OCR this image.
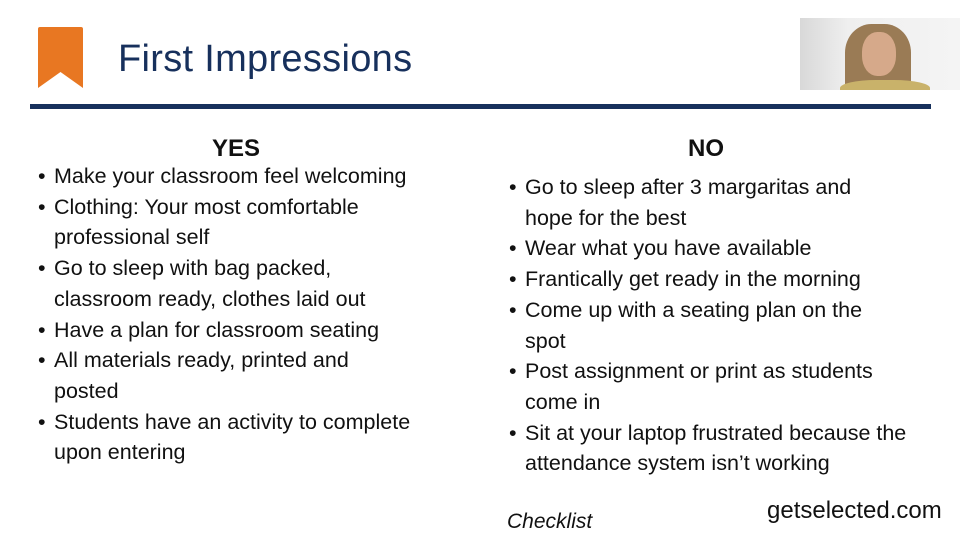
First Impressions
YES
• Make your classroom feel welcoming
• Clothing: Your most comfortable professional self
• Go to sleep with bag packed, classroom ready, clothes laid out
• Have a plan for classroom seating
• All materials ready, printed and posted
• Students have an activity to complete upon entering
NO
• Go to sleep after 3 margaritas and hope for the best
• Wear what you have available
• Frantically get ready in the morning
• Come up with a seating plan on the spot
• Post assignment or print as students come in
• Sit at your laptop frustrated because the attendance system isn’t working
Checklist	getselected.com
